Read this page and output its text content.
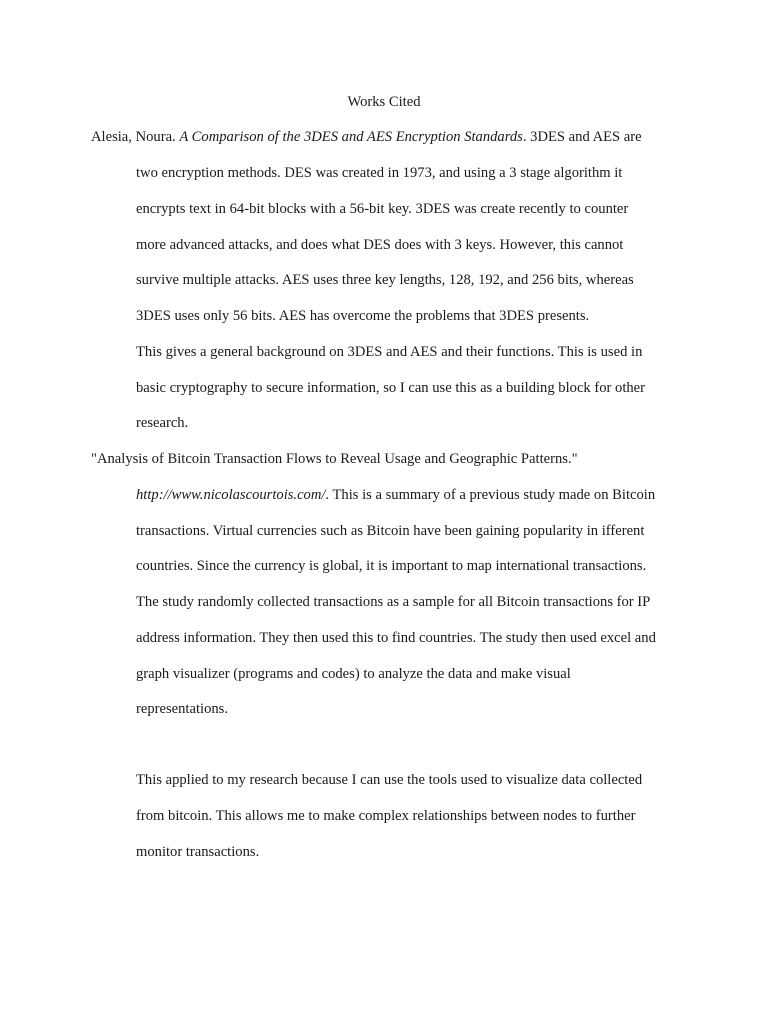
Works Cited
Alesia, Noura. A Comparison of the 3DES and AES Encryption Standards. 3DES and AES are
two encryption methods. DES was created in 1973, and using a 3 stage algorithm it
encrypts text in 64-bit blocks with a 56-bit key. 3DES was create recently to counter
more advanced attacks, and does what DES does with 3 keys. However, this cannot
survive multiple attacks. AES uses three key lengths, 128, 192, and 256 bits, whereas
3DES uses only 56 bits. AES has overcome the problems that 3DES presents.
This gives a general background on 3DES and AES and their functions. This is used in
basic cryptography to secure information, so I can use this as a building block for other
research.
"Analysis of Bitcoin Transaction Flows to Reveal Usage and Geographic Patterns."
http://www.nicolascourtois.com/. This is a summary of a previous study made on Bitcoin
transactions. Virtual currencies such as Bitcoin have been gaining popularity in ifferent
countries. Since the currency is global, it is important to map international transactions.
The study randomly collected transactions as a sample for all Bitcoin transactions for IP
address information. They then used this to find countries. The study then used excel and
graph visualizer (programs and codes) to analyze the data and make visual
representations.
This applied to my research because I can use the tools used to visualize data collected
from bitcoin. This allows me to make complex relationships between nodes to further
monitor transactions.
